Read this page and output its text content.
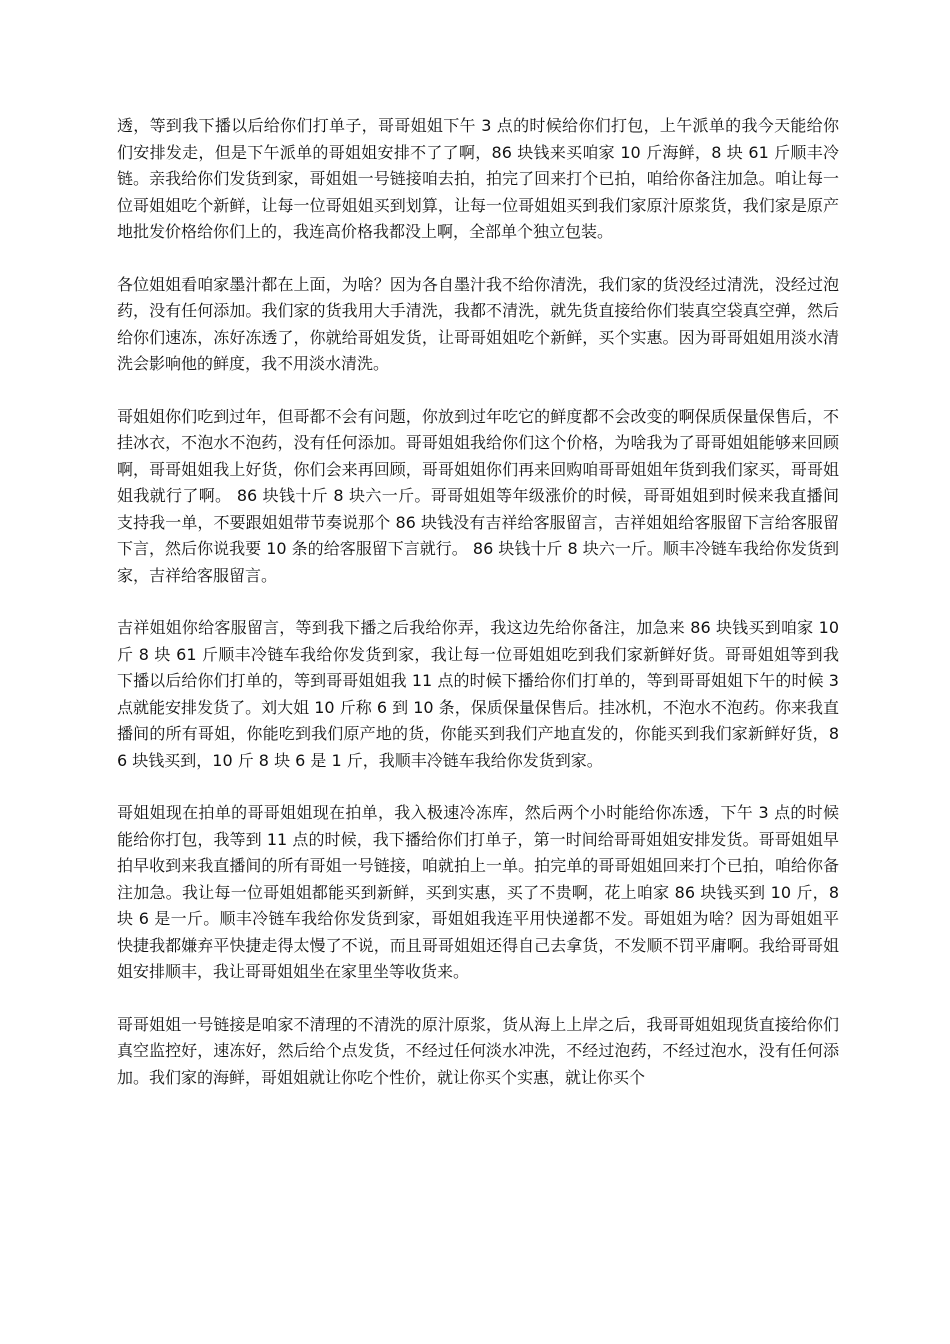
透，等到我下播以后给你们打单子，哥哥姐姐下午 3 点的时候给你们打包，上午派单的我今天能给你们安排发走，但是下午派单的哥姐姐安排不了了啊，86 块钱来买咱家 10 斤海鲜，8 块 61 斤顺丰冷链。亲我给你们发货到家，哥姐姐一号链接咱去拍，拍完了回来打个已拍，咱给你备注加急。咱让每一位哥姐姐吃个新鲜，让每一位哥姐姐买到划算，让每一位哥姐姐买到我们家原汁原浆货，我们家是原产地批发价格给你们上的，我连高价格我都没上啊，全部单个独立包装。

各位姐姐看咱家墨汁都在上面，为啥？因为各自墨汁我不给你清洗，我们家的货没经过清洗，没经过泡药，没有任何添加。我们家的货我用大手清洗，我都不清洗，就先货直接给你们装真空袋真空弹，然后给你们速冻，冻好冻透了，你就给哥姐发货，让哥哥姐姐吃个新鲜，买个实惠。因为哥哥姐姐用淡水清洗会影响他的鲜度，我不用淡水清洗。

哥姐姐你们吃到过年，但哥都不会有问题，你放到过年吃它的鲜度都不会改变的啊保质保量保售后，不挂冰衣，不泡水不泡药，没有任何添加。哥哥姐姐我给你们这个价格，为啥我为了哥哥姐姐能够来回顾啊，哥哥姐姐我上好货，你们会来再回顾，哥哥姐姐你们再来回购咱哥哥姐姐年货到我们家买，哥哥姐姐我就行了啊。 86 块钱十斤 8 块六一斤。哥哥姐姐等年级涨价的时候，哥哥姐姐到时候来我直播间支持我一单，不要跟姐姐带节奏说那个 86 块钱没有吉祥给客服留言，吉祥姐姐给客服留下言给客服留下言，然后你说我要 10 条的给客服留下言就行。 86 块钱十斤 8 块六一斤。顺丰冷链车我给你发货到家，吉祥给客服留言。

吉祥姐姐你给客服留言，等到我下播之后我给你弄，我这边先给你备注，加急来 86 块钱买到咱家 10 斤 8 块 61 斤顺丰冷链车我给你发货到家，我让每一位哥姐姐吃到我们家新鲜好货。哥哥姐姐等到我下播以后给你们打单的，等到哥哥姐姐我 11 点的时候下播给你们打单的，等到哥哥姐姐下午的时候 3 点就能安排发货了。刘大姐 10 斤称 6 到 10 条，保质保量保售后。挂冰机，不泡水不泡药。你来我直播间的所有哥姐，你能吃到我们原产地的货，你能买到我们产地直发的，你能买到我们家新鲜好货，86 块钱买到，10 斤 8 块 6 是 1 斤，我顺丰冷链车我给你发货到家。

哥姐姐现在拍单的哥哥姐姐现在拍单，我入极速冷冻库，然后两个小时能给你冻透，下午 3 点的时候能给你打包，我等到 11 点的时候，我下播给你们打单子，第一时间给哥哥姐姐安排发货。哥哥姐姐早拍早收到来我直播间的所有哥姐一号链接，咱就拍上一单。拍完单的哥哥姐姐回来打个已拍，咱给你备注加急。我让每一位哥姐姐都能买到新鲜，买到实惠，买了不贵啊，花上咱家 86 块钱买到 10 斤，8 块 6 是一斤。顺丰冷链车我给你发货到家，哥姐姐我连平用快递都不发。哥姐姐为啥？因为哥姐姐平快捷我都嫌弃平快捷走得太慢了不说，而且哥哥姐姐还得自己去拿货，不发顺不罚平庸啊。我给哥哥姐姐安排顺丰，我让哥哥姐姐坐在家里坐等收货来。

哥哥姐姐一号链接是咱家不清理的不清洗的原汁原浆，货从海上上岸之后，我哥哥姐姐现货直接给你们真空监控好，速冻好，然后给个点发货，不经过任何淡水冲洗，不经过泡药，不经过泡水，没有任何添加。我们家的海鲜，哥姐姐就让你吃个性价，就让你买个实惠，就让你买个
